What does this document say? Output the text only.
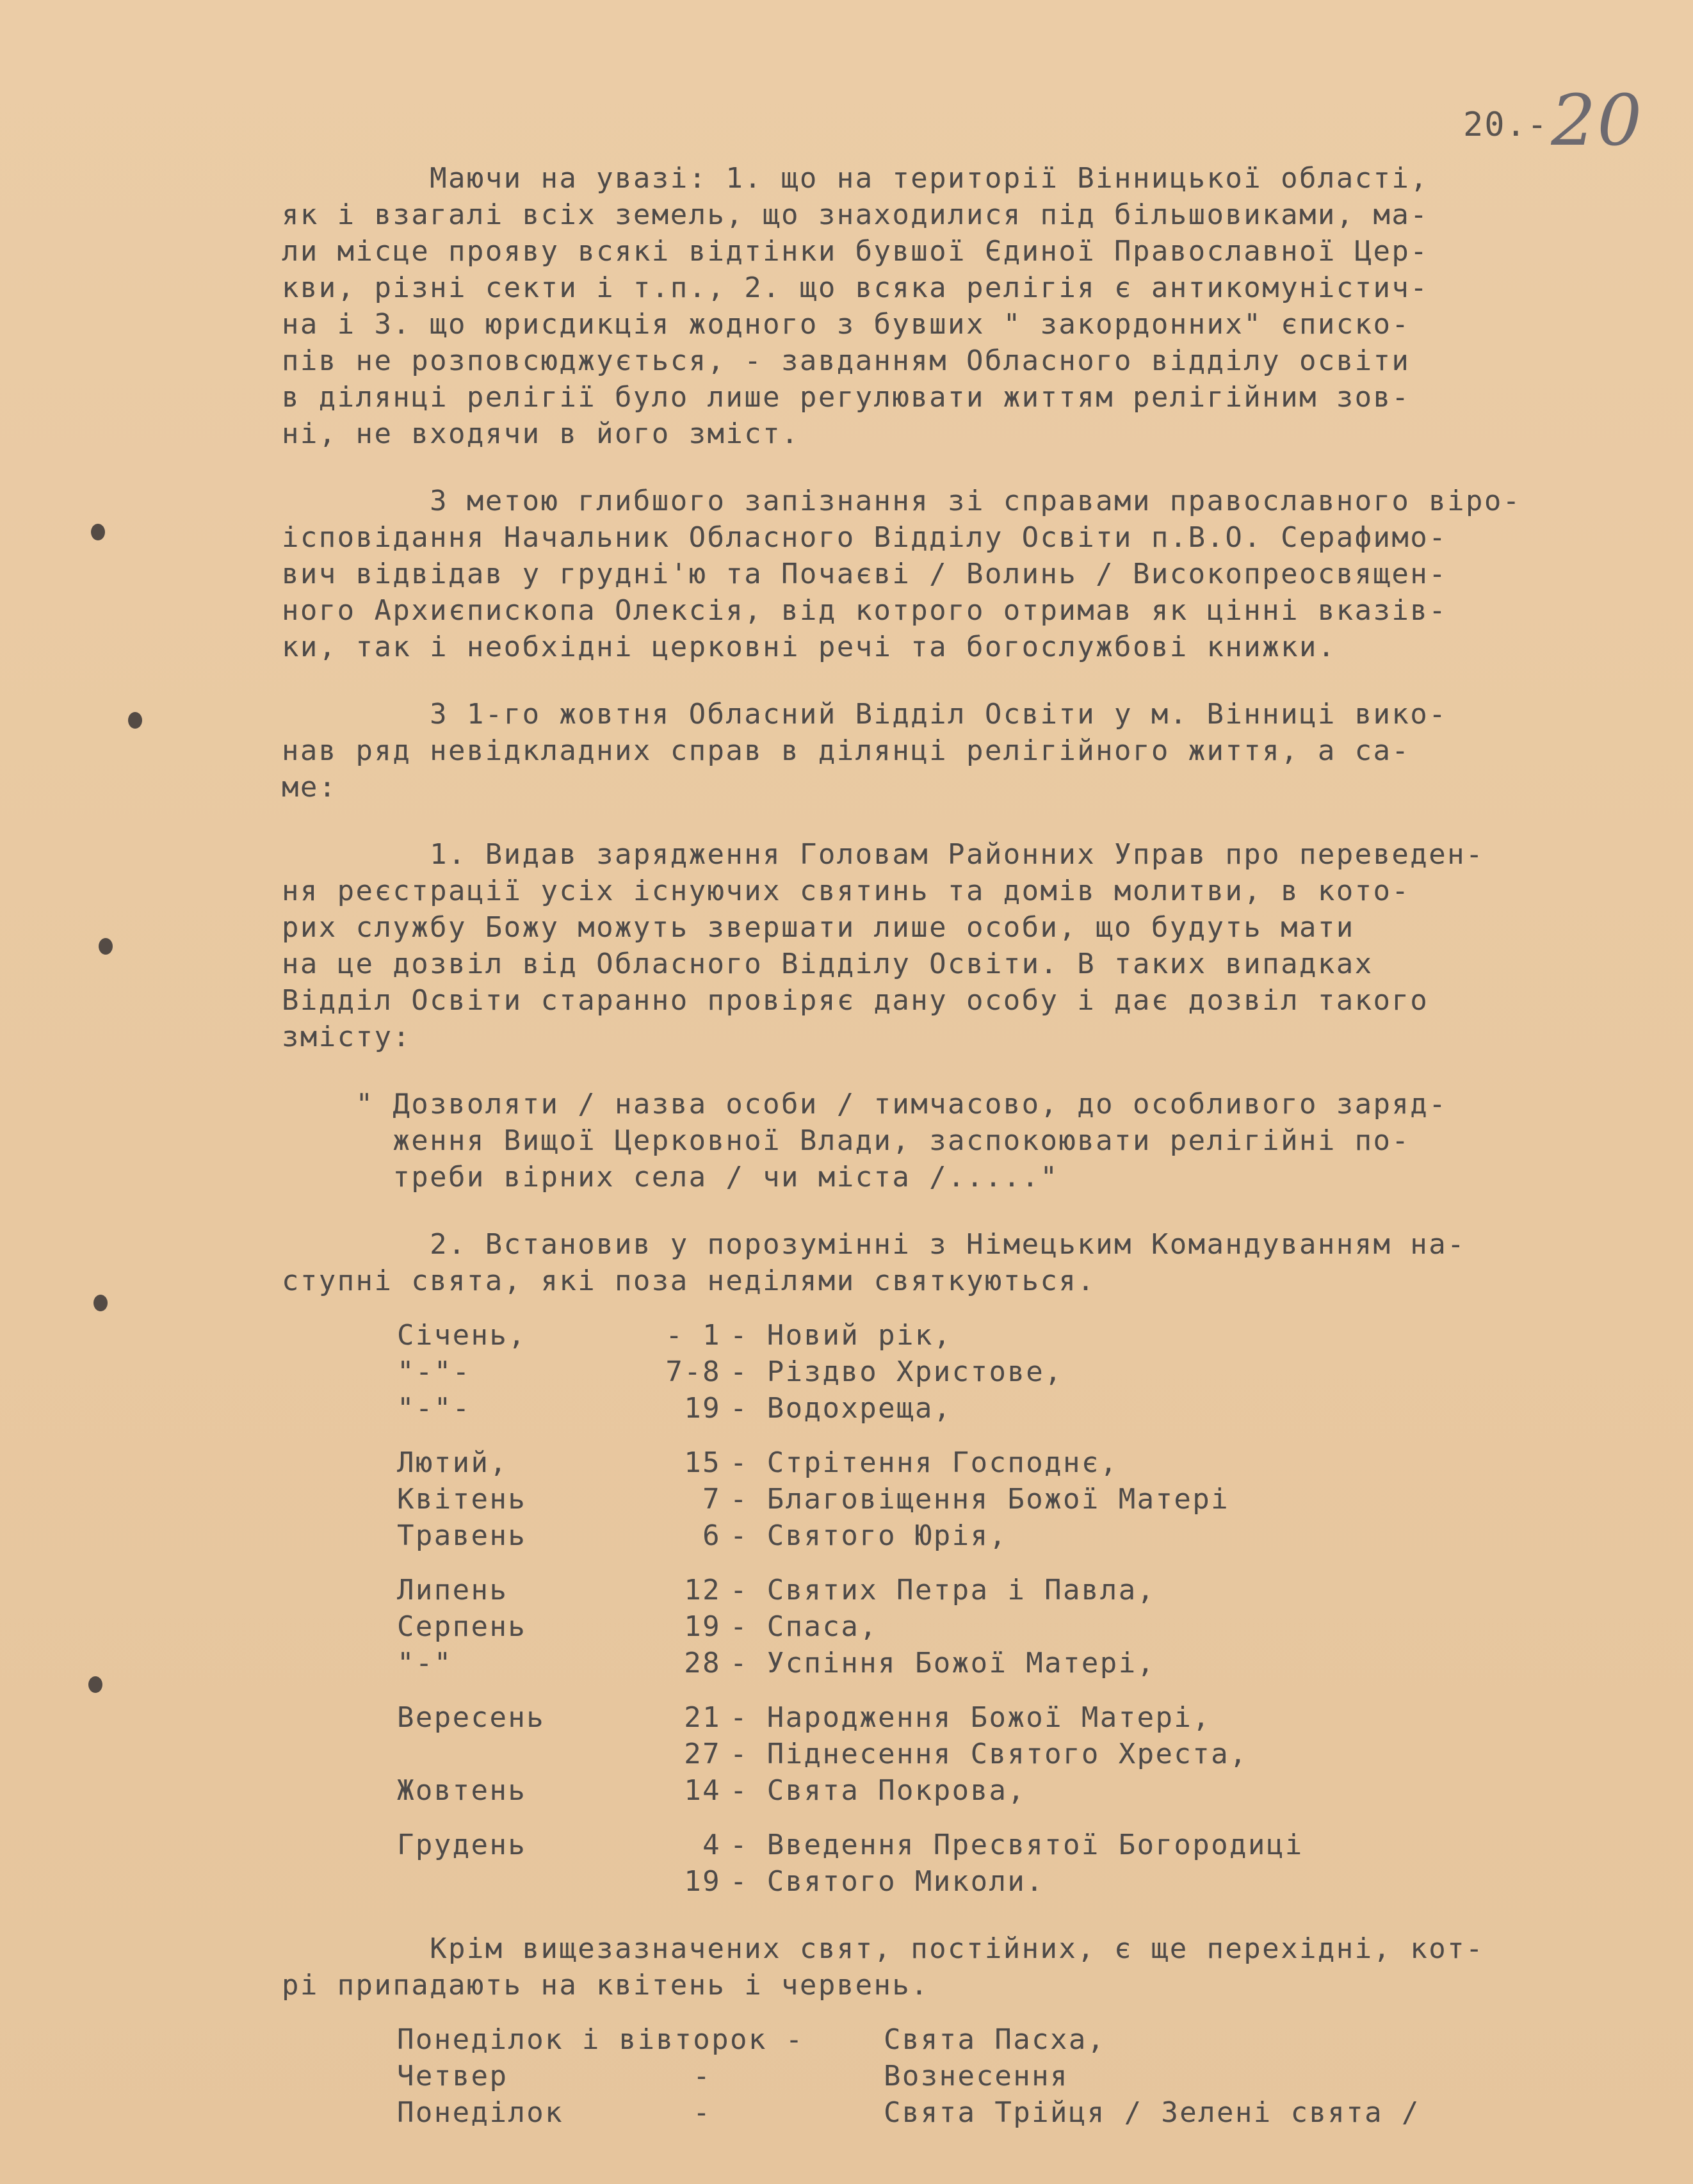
20.-20
Маючи на увазі: 1. що на території Вінницької області,
як і взагалі всіх земель, що знаходилися під більшовиками, ма-
ли місце прояву всякі відтінки бувшої Єдиної Православної Цер-
кви, різні секти і т.п., 2. що всяка релігія є антикомуністич-
на і 3. що юрисдикція жодного з бувших " закордонних" єписко-
пів не розповсюджується, - завданням Обласного відділу освіти
в ділянці релігії було лише регулювати життям релігійним зов-
ні, не входячи в його зміст.
З метою глибшого запізнання зі справами православного віро-
ісповідання Начальник Обласного Відділу Освіти п.В.О. Серафимо-
вич відвідав у грудні'ю та Почаєві / Волинь / Високопреосвящен-
ного Архиєпископа Олексія, від котрого отримав як цінні вказів-
ки, так і необхідні церковні речі та богослужбові книжки.
З 1-го жовтня Обласний Відділ Освіти у м. Вінниці вико-
нав ряд невідкладних справ в ділянці релігійного життя, а са-
ме:
1. Видав зарядження Головам Районних Управ про переведен-
ня реєстрації усіх існуючих святинь та домів молитви, в кото-
рих службу Божу можуть звершати лише особи, що будуть мати
на це дозвіл від Обласного Відділу Освіти. В таких випадках
Відділ Освіти старанно провіряє дану особу і дає дозвіл такого
змісту:
" Дозволяти / назва особи / тимчасово, до особливого заряд-
ження Вищої Церковної Влади, заспокоювати релігійні по-
треби вірних села / чи міста /....."
2. Встановив у порозумінні з Німецьким Командуванням на-
ступні свята, які поза неділями святкуються.
Січень,	- 1 - Новий рік,
"-"-	7-8 - Різдво Христове,
"-"-	19 - Водохреща,
Лютий,	15 - Стрітення Господнє,
Квітень	7 - Благовіщення Божої Матері
Травень	6 - Святого Юрія,
Липень	12 - Святих Петра і Павла,
Серпень	19 - Спаса,
"-"	28 - Успіння Божої Матері,
Вересень	21 - Народження Божої Матері,
27 - Піднесення Святого Хреста,
Жовтень	14 - Свята Покрова,
Грудень	4 - Введення Пресвятої Богородиці
19 - Святого Миколи.
Крім вищезазначених свят, постійних, є ще перехідні, кот-
рі припадають на квітень і червень.
Понеділок і вівторок -	Свята Пасха,
Четвер          -	Вознесення
Понеділок       -	Свята Трійця / Зелені свята /
